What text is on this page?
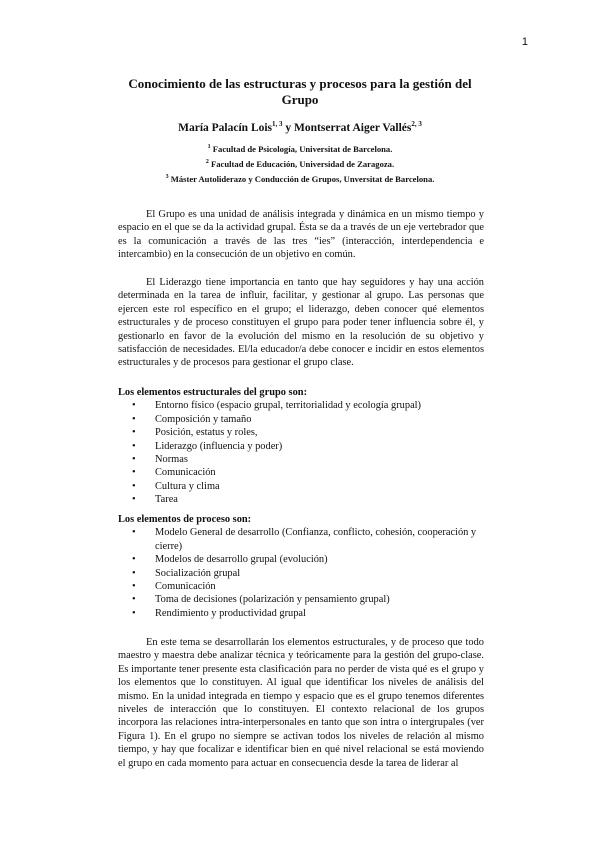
1
Conocimiento de las estructuras y procesos para la gestión del Grupo
María Palacín Lois$^{1, 3}$ y Montserrat Aiger Vallés$^{2, 3}$
$^1$ Facultad de Psicología, Universitat de Barcelona.
$^2$ Facultad de Educación, Universidad de Zaragoza.
$^3$ Máster Autoliderazo y Conducción de Grupos, Unversitat de Barcelona.

El Grupo es una unidad de análisis integrada y dinámica en un mismo tiempo y espacio en el que se da la actividad grupal. Ésta se da a través de un eje vertebrador que es la comunicación a través de las tres “ies” (interacción, interdependencia e intercambio) en la consecución de un objetivo en común.

El Liderazgo tiene importancia en tanto que hay seguidores y hay una acción determinada en la tarea de influir, facilitar, y gestionar al grupo. Las personas que ejercen este rol específico en el grupo; el liderazgo, deben conocer qué elementos estructurales y de proceso constituyen el grupo para poder tener influencia sobre él, y gestionarlo en favor de la evolución del mismo en la resolución de su objetivo y satisfacción de necesidades. El/la educador/a debe conocer e incidir en estos elementos estructurales y de procesos para gestionar el grupo clase.

Los elementos estructurales del grupo son:
• Entorno físico (espacio grupal, territorialidad y ecología grupal)
• Composición y tamaño
• Posición, estatus y roles,
• Liderazgo (influencia y poder)
• Normas
• Comunicación
• Cultura y clima
• Tarea
Los elementos de proceso son:
• Modelo General de desarrollo (Confianza, conflicto, cohesión, cooperación y cierre)
• Modelos de desarrollo grupal (evolución)
• Socialización grupal
• Comunicación
• Toma de decisiones (polarización y pensamiento grupal)
• Rendimiento y productividad grupal

En este tema se desarrollarán los elementos estructurales, y de proceso que todo maestro y maestra debe analizar técnica y teóricamente para la gestión del grupo-clase. Es importante tener presente esta clasificación para no perder de vista qué es el grupo y los elementos que lo constituyen. Al igual que identificar los niveles de análisis del mismo. En la unidad integrada en tiempo y espacio que es el grupo tenemos diferentes niveles de interacción que lo constituyen. El contexto relacional de los grupos incorpora las relaciones intra-interpersonales en tanto que son intra o intergrupales (ver Figura 1). En el grupo no siempre se activan todos los niveles de relación al mismo tiempo, y hay que focalizar e identificar bien en qué nivel relacional se está moviendo el grupo en cada momento para actuar en consecuencia desde la tarea de liderar al
